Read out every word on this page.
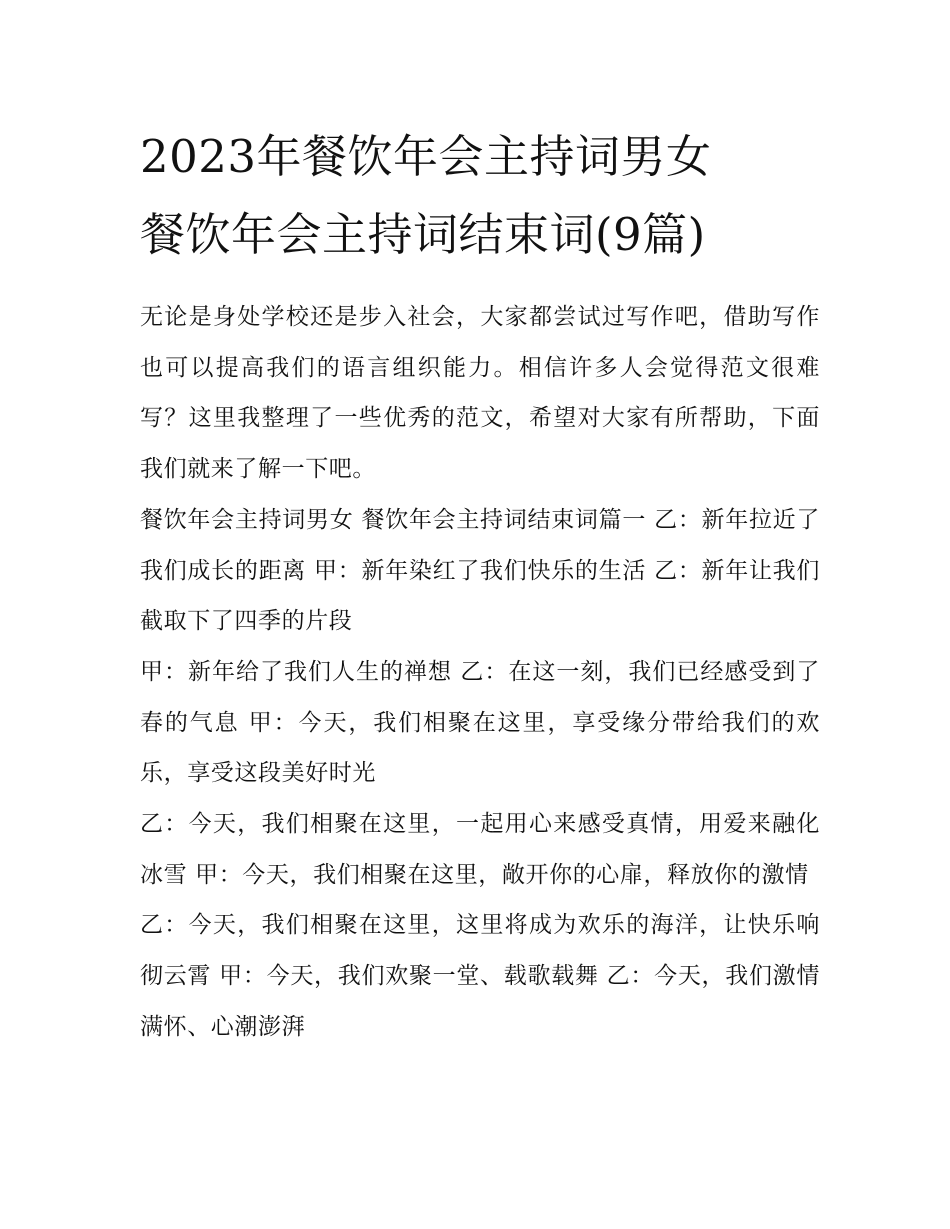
2023年餐饮年会主持词男女
餐饮年会主持词结束词(9篇)

无论是身处学校还是步入社会，大家都尝试过写作吧，借助写作也可以提高我们的语言组织能力。相信许多人会觉得范文很难写？这里我整理了一些优秀的范文，希望对大家有所帮助，下面我们就来了解一下吧。

餐饮年会主持词男女 餐饮年会主持词结束词篇一 乙：新年拉近了我们成长的距离 甲：新年染红了我们快乐的生活 乙：新年让我们截取下了四季的片段

甲：新年给了我们人生的禅想 乙：在这一刻，我们已经感受到了春的气息 甲：今天，我们相聚在这里，享受缘分带给我们的欢乐，享受这段美好时光

乙：今天，我们相聚在这里，一起用心来感受真情，用爱来融化冰雪 甲：今天，我们相聚在这里，敞开你的心扉，释放你的激情

乙：今天，我们相聚在这里，这里将成为欢乐的海洋，让快乐响彻云霄 甲：今天，我们欢聚一堂、载歌载舞 乙：今天，我们激情满怀、心潮澎湃
